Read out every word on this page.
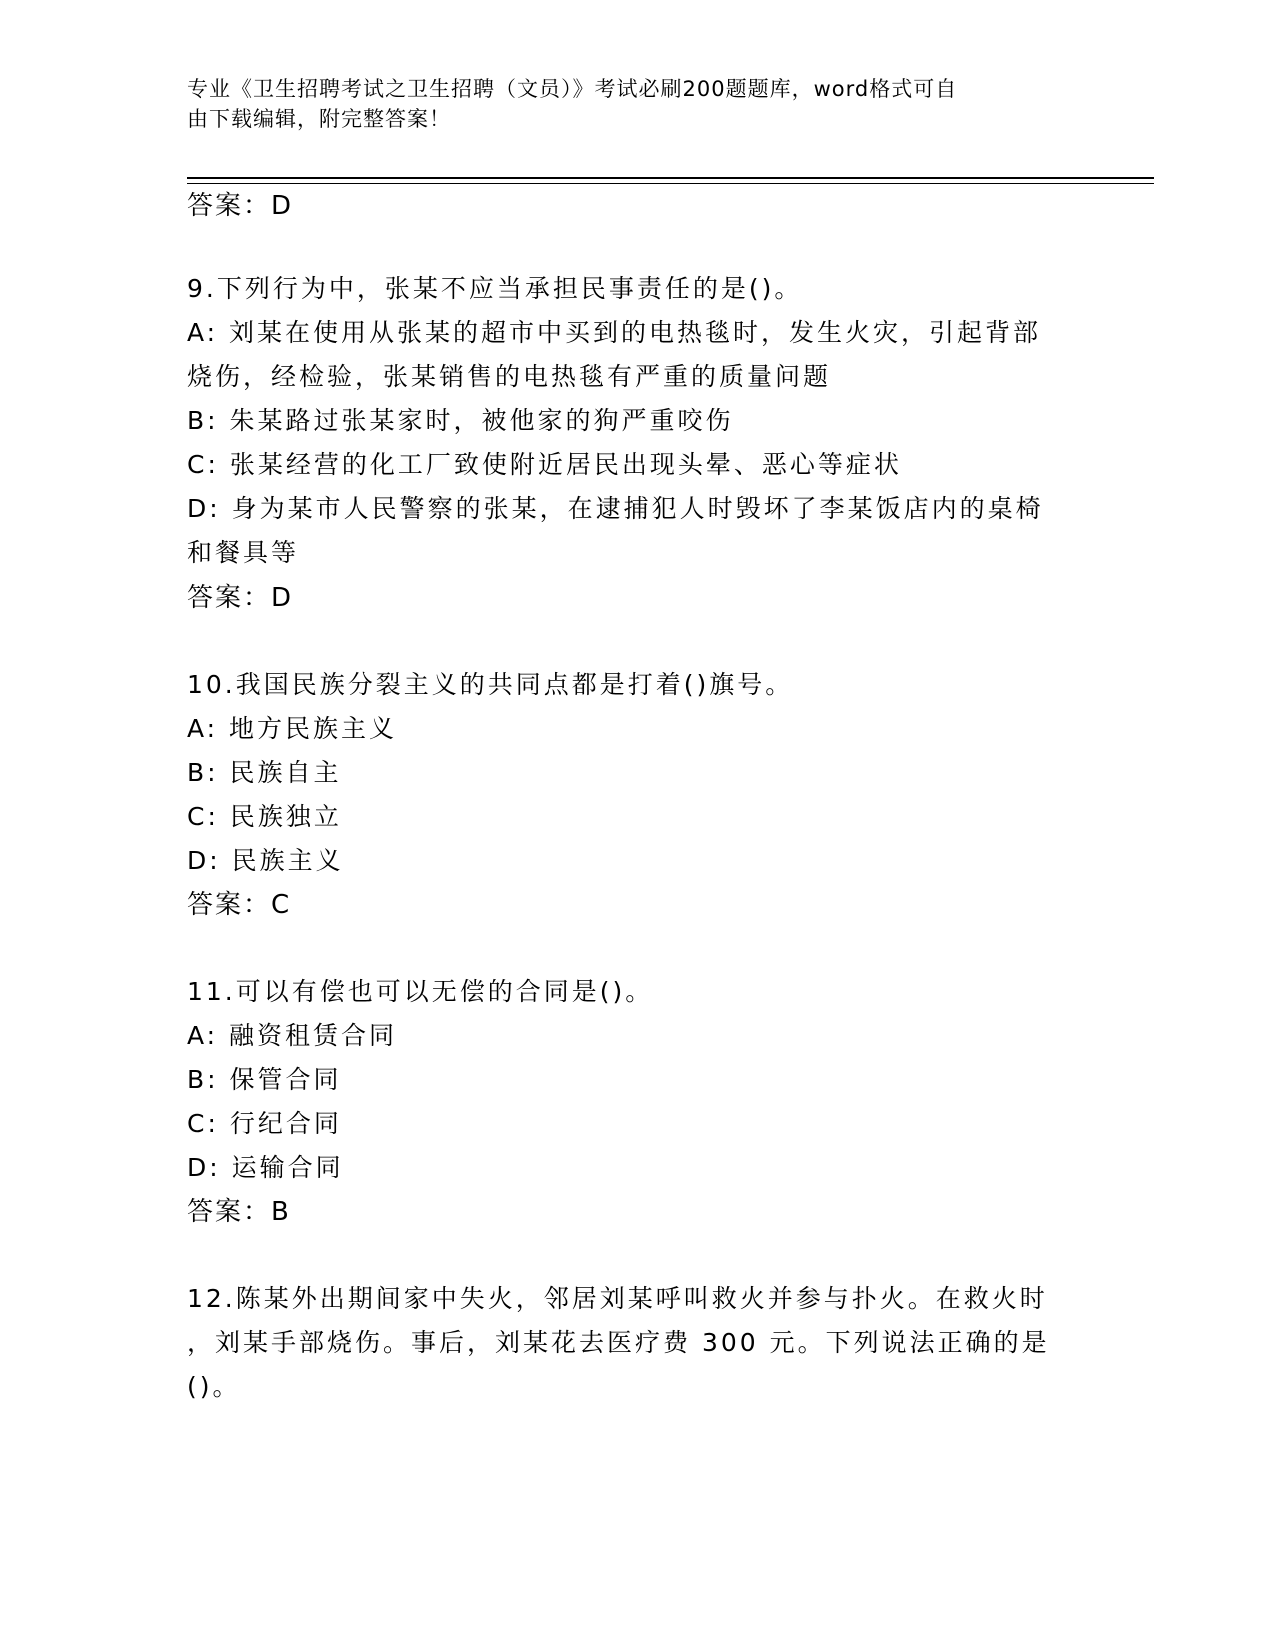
专业《卫生招聘考试之卫生招聘（文员）》考试必刷200题题库，word格式可自
由下载编辑，附完整答案！
答案：D
9.下列行为中，张某不应当承担民事责任的是()。
A: 刘某在使用从张某的超市中买到的电热毯时，发生火灾，引起背部
烧伤，经检验，张某销售的电热毯有严重的质量问题
B: 朱某路过张某家时，被他家的狗严重咬伤
C: 张某经营的化工厂致使附近居民出现头晕、恶心等症状
D: 身为某市人民警察的张某，在逮捕犯人时毁坏了李某饭店内的桌椅
和餐具等
答案：D
10.我国民族分裂主义的共同点都是打着()旗号。
A: 地方民族主义
B: 民族自主
C: 民族独立
D: 民族主义
答案：C
11.可以有偿也可以无偿的合同是()。
A: 融资租赁合同
B: 保管合同
C: 行纪合同
D: 运输合同
答案：B
12.陈某外出期间家中失火，邻居刘某呼叫救火并参与扑火。在救火时
，刘某手部烧伤。事后，刘某花去医疗费 300 元。下列说法正确的是
()。
